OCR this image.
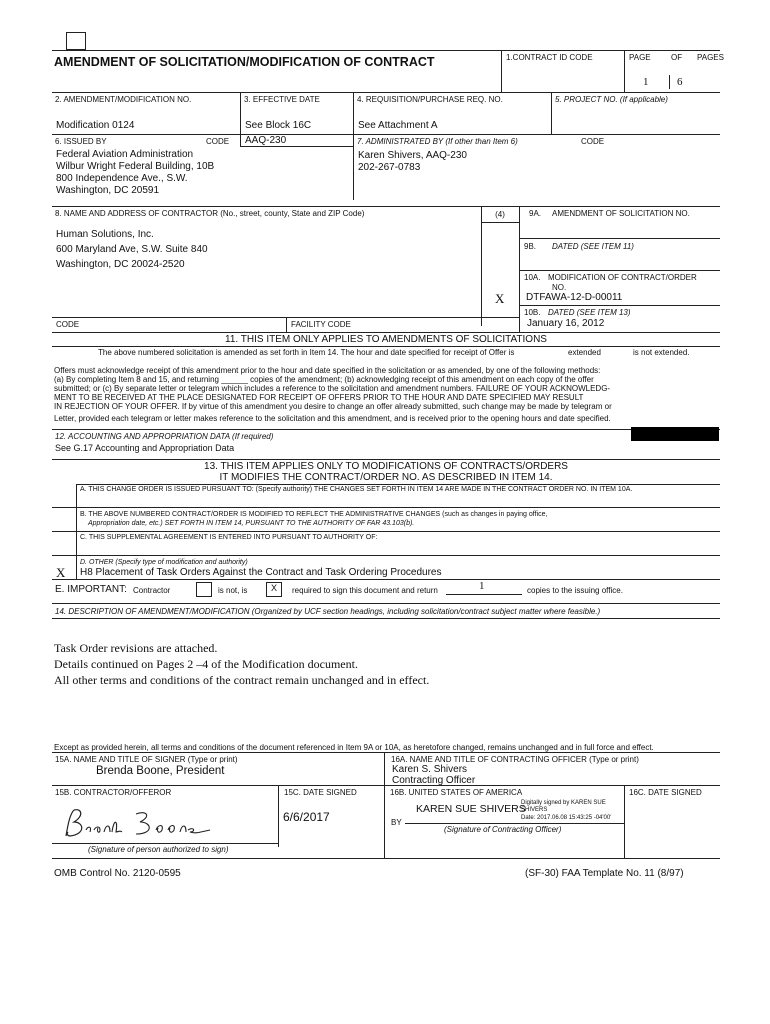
AMENDMENT OF SOLICITATION/MODIFICATION OF CONTRACT	1.CONTRACT ID CODE	PAGE	OF PAGES
1	6
2. AMENDMENT/MODIFICATION NO.
Modification 0124
3. EFFECTIVE DATE
See Block 16C
4. REQUISITION/PURCHASE REQ. NO.
See Attachment A
5. PROJECT NO. (If applicable)
6. ISSUED BY	CODE AAQ-230
Federal Aviation Administration
Wilbur Wright Federal Building, 10B
800 Independence Ave., S.W.
Washington, DC 20591
7. ADMINISTRATED BY (If other than Item 6)	CODE
Karen Shivers, AAQ-230
202-267-0783
8. NAME AND ADDRESS OF CONTRACTOR (No., street, county, State and ZIP Code)	(4)
Human Solutions, Inc.
600 Maryland Ave, S.W. Suite 840
Washington, DC 20024-2520
9A. AMENDMENT OF SOLICITATION NO.
9B. DATED (SEE ITEM 11)
10A. MODIFICATION OF CONTRACT/ORDER
NO.
X DTFAWA-12-D-00011
10B. DATED (SEE ITEM 13)
January 16, 2012
CODE	FACILITY CODE
11. THIS ITEM ONLY APPLIES TO AMENDMENTS OF SOLICITATIONS
The above numbered solicitation is amended as set forth in Item 14. The hour and date specified for receipt of Offer is	extended	is not extended.
Offers must acknowledge receipt of this amendment prior to the hour and date specified in the solicitation or as amended, by one of the following methods:
(a) By completing Item 8 and 15, and returning ______ copies of the amendment; (b) acknowledging receipt of this amendment on each copy of the offer
submitted; or (c) By separate letter or telegram which includes a reference to the solicitation and amendment numbers. FAILURE OF YOUR ACKNOWLEDG-
MENT TO BE RECEIVED AT THE PLACE DESIGNATED FOR RECEIPT OF OFFERS PRIOR TO THE HOUR AND DATE SPECIFIED MAY RESULT
IN REJECTION OF YOUR OFFER. If by virtue of this amendment you desire to change an offer already submitted, such change may be made by telegram or
Letter, provided each telegram or letter makes reference to the solicitation and this amendment, and is received prior to the opening hours and date specified.
12. ACCOUNTING AND APPROPRIATION DATA (If required)
See G.17 Accounting and Appropriation Data
13. THIS ITEM APPLIES ONLY TO MODIFICATIONS OF CONTRACTS/ORDERS
IT MODIFIES THE CONTRACT/ORDER NO. AS DESCRIBED IN ITEM 14.
A. THIS CHANGE ORDER IS ISSUED PURSUANT TO: (Specify authority) THE CHANGES SET FORTH IN ITEM 14 ARE MADE IN THE CONTRACT ORDER NO. IN ITEM 10A.
B. THE ABOVE NUMBERED CONTRACT/ORDER IS MODIFIED TO REFLECT THE ADMINISTRATIVE CHANGES (such as changes in paying office,
Appropriation date, etc.) SET FORTH IN ITEM 14, PURSUANT TO THE AUTHORITY OF FAR 43.103(b).
C. THIS SUPPLEMENTAL AGREEMENT IS ENTERED INTO PURSUANT TO AUTHORITY OF:
D. OTHER (Specify type of modification and authority)
X H8 Placement of Task Orders Against the Contract and Task Ordering Procedures
E. IMPORTANT: Contractor	is not, is	X	required to sign this document and return	1	copies to the issuing office.
14. DESCRIPTION OF AMENDMENT/MODIFICATION (Organized by UCF section headings, including solicitation/contract subject matter where feasible.)
Task Order revisions are attached.
Details continued on Pages 2 –4 of the Modification document.
All other terms and conditions of the contract remain unchanged and in effect.
Except as provided herein, all terms and conditions of the document referenced in Item 9A or 10A, as heretofore changed, remains unchanged and in full force and effect.
15A. NAME AND TITLE OF SIGNER (Type or print)
Brenda Boone, President
16A. NAME AND TITLE OF CONTRACTING OFFICER (Type or print)
Karen S. Shivers
Contracting Officer
15B. CONTRACTOR/OFFEROR	15C. DATE SIGNED
6/6/2017
16B. UNITED STATES OF AMERICA	16C. DATE SIGNED
Digitally signed by KAREN SUE
KAREN SUE SHIVERS
SHIVERS
Date: 2017.06.08 15:43:25 -04'00'
BY
(Signature of Contracting Officer)
(Signature of person authorized to sign)
OMB Control No. 2120-0595	(SF-30) FAA Template No. 11 (8/97)
